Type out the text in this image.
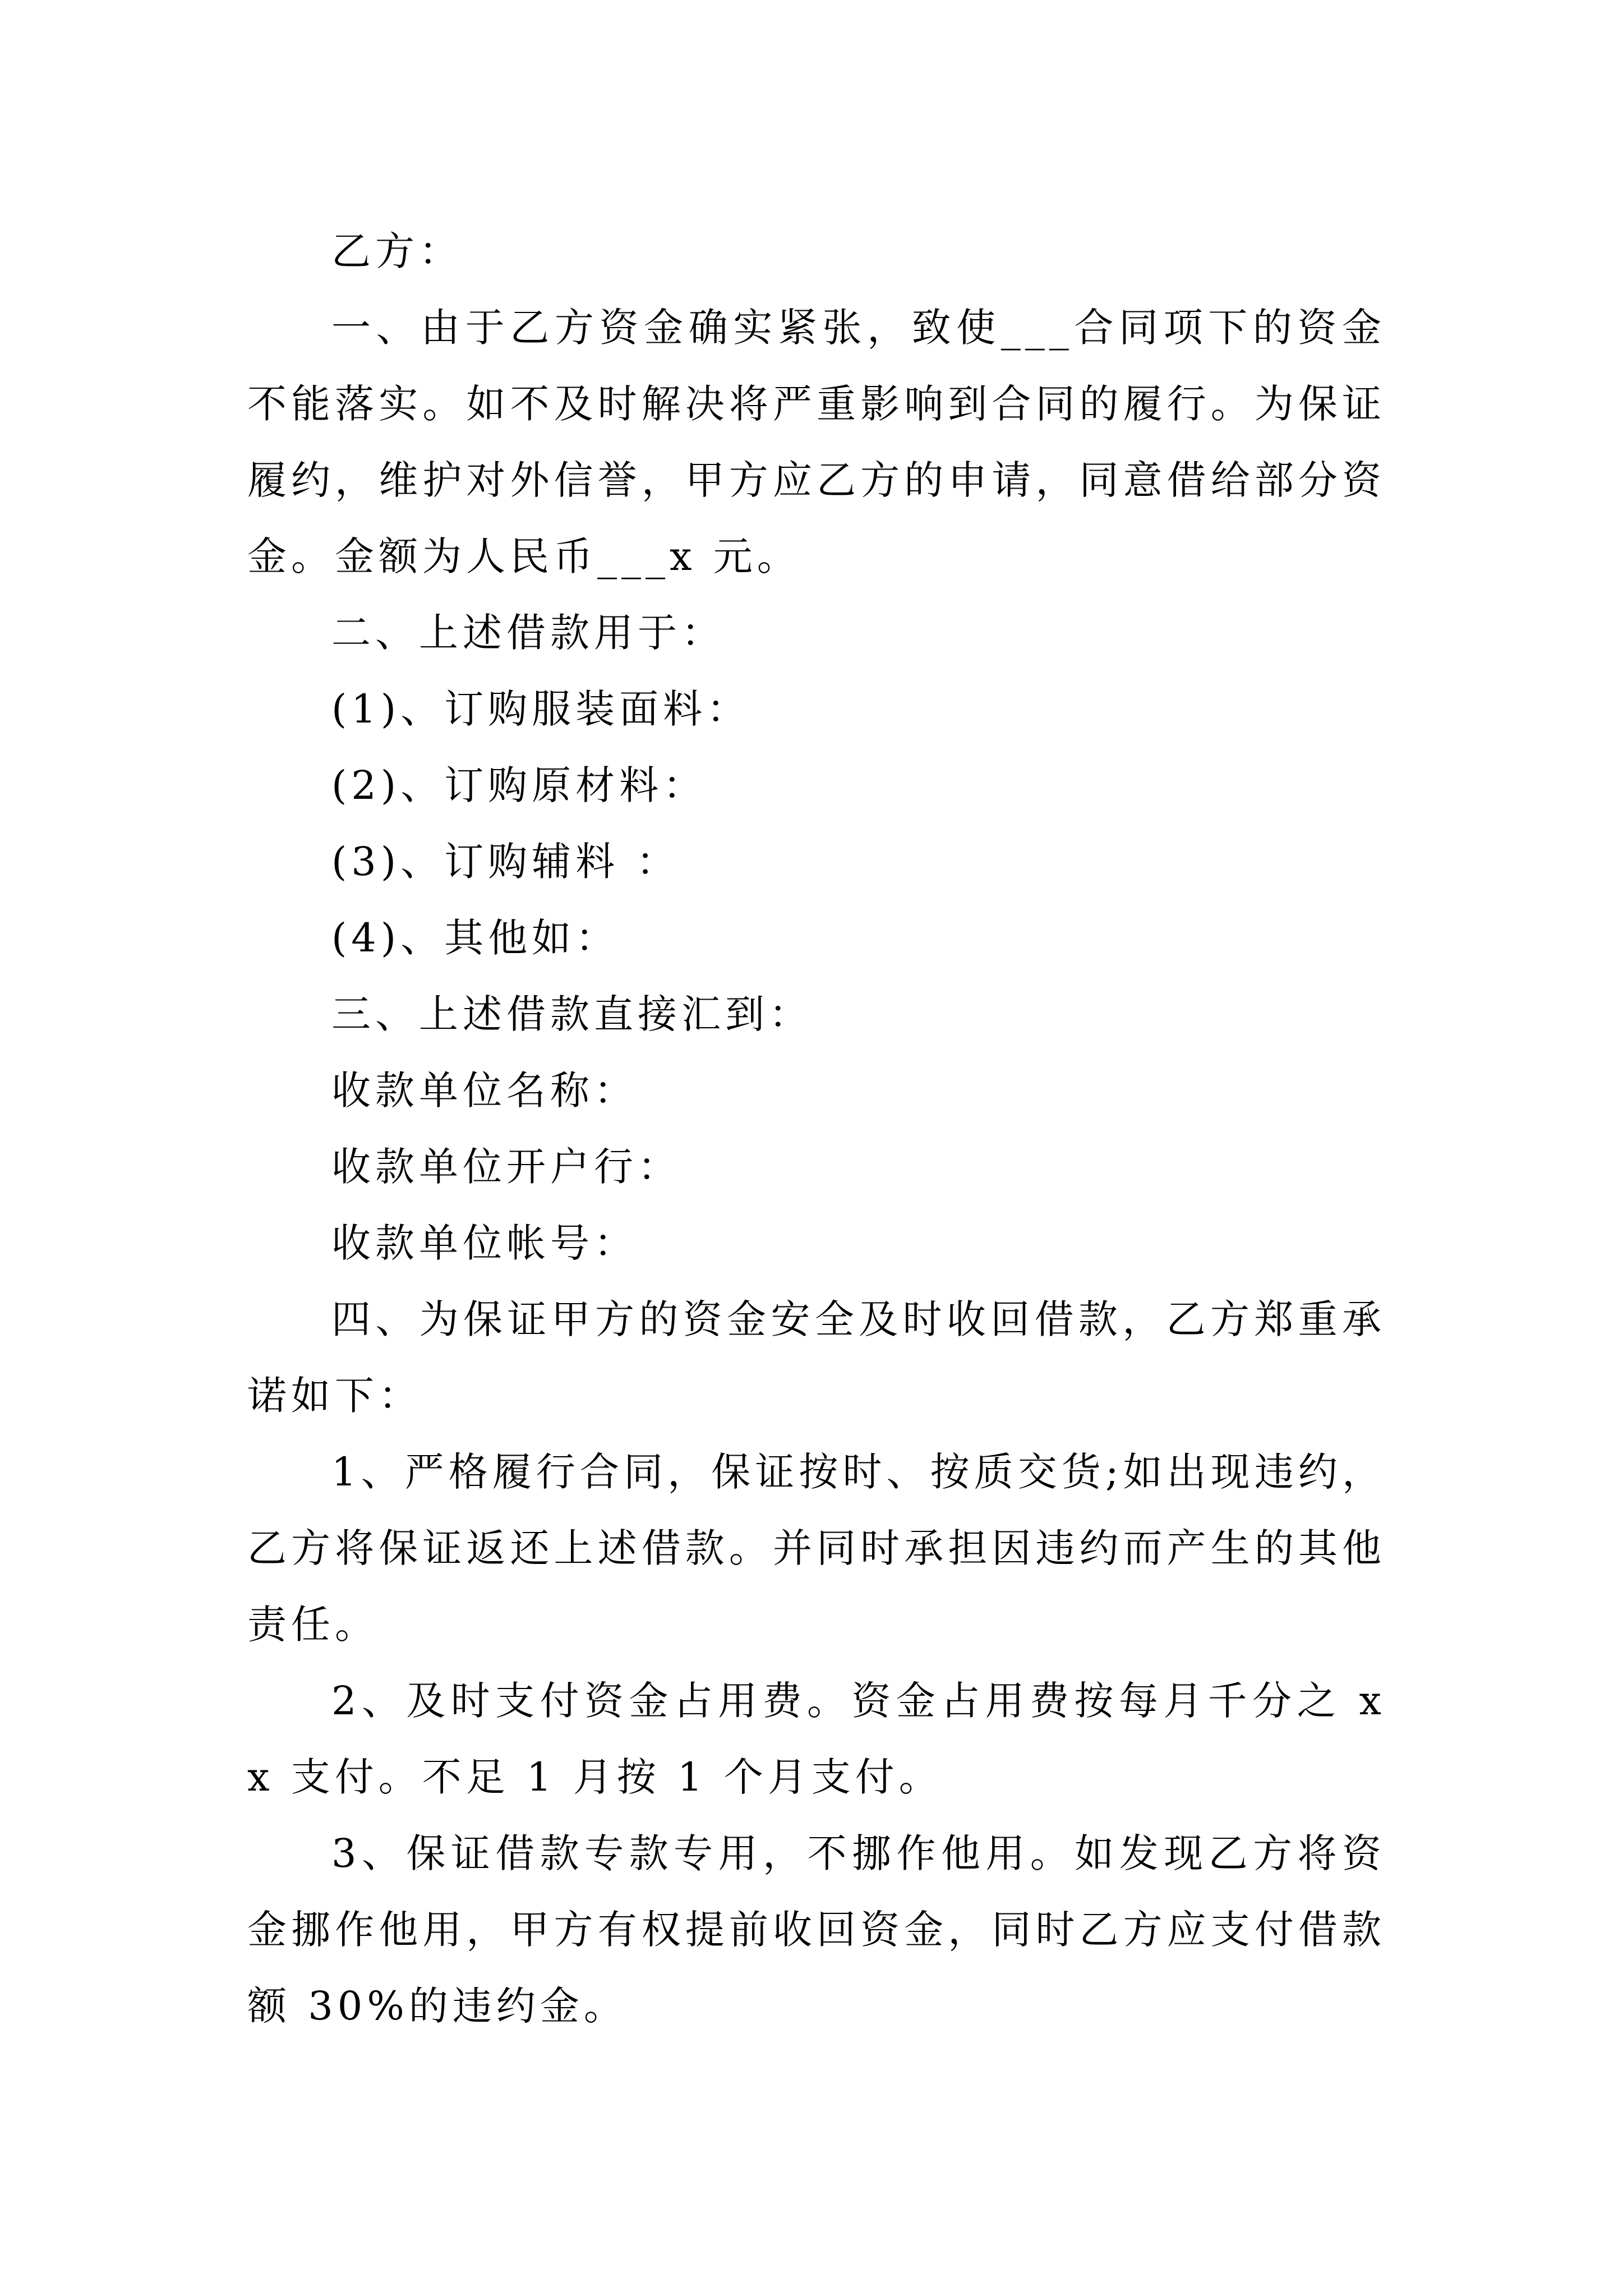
乙方：

一、由于乙方资金确实紧张，致使___合同项下的资金不能落实。如不及时解决将严重影响到合同的履行。为保证履约，维护对外信誉，甲方应乙方的申请，同意借给部分资金。金额为人民币___x 元。

二、上述借款用于：

(1)、订购服装面料：

(2)、订购原材料：

(3)、订购辅料 ：

(4)、其他如：

三、上述借款直接汇到：

收款单位名称：

收款单位开户行：

收款单位帐号：

四、为保证甲方的资金安全及时收回借款，乙方郑重承诺如下：

1、严格履行合同，保证按时、按质交货;如出现违约，乙方将保证返还上述借款。并同时承担因违约而产生的其他责任。

2、及时支付资金占用费。资金占用费按每月千分之 x x 支付。不足 1 月按 1 个月支付。

3、保证借款专款专用，不挪作他用。如发现乙方将资金挪作他用，甲方有权提前收回资金，同时乙方应支付借款额 30%的违约金。
